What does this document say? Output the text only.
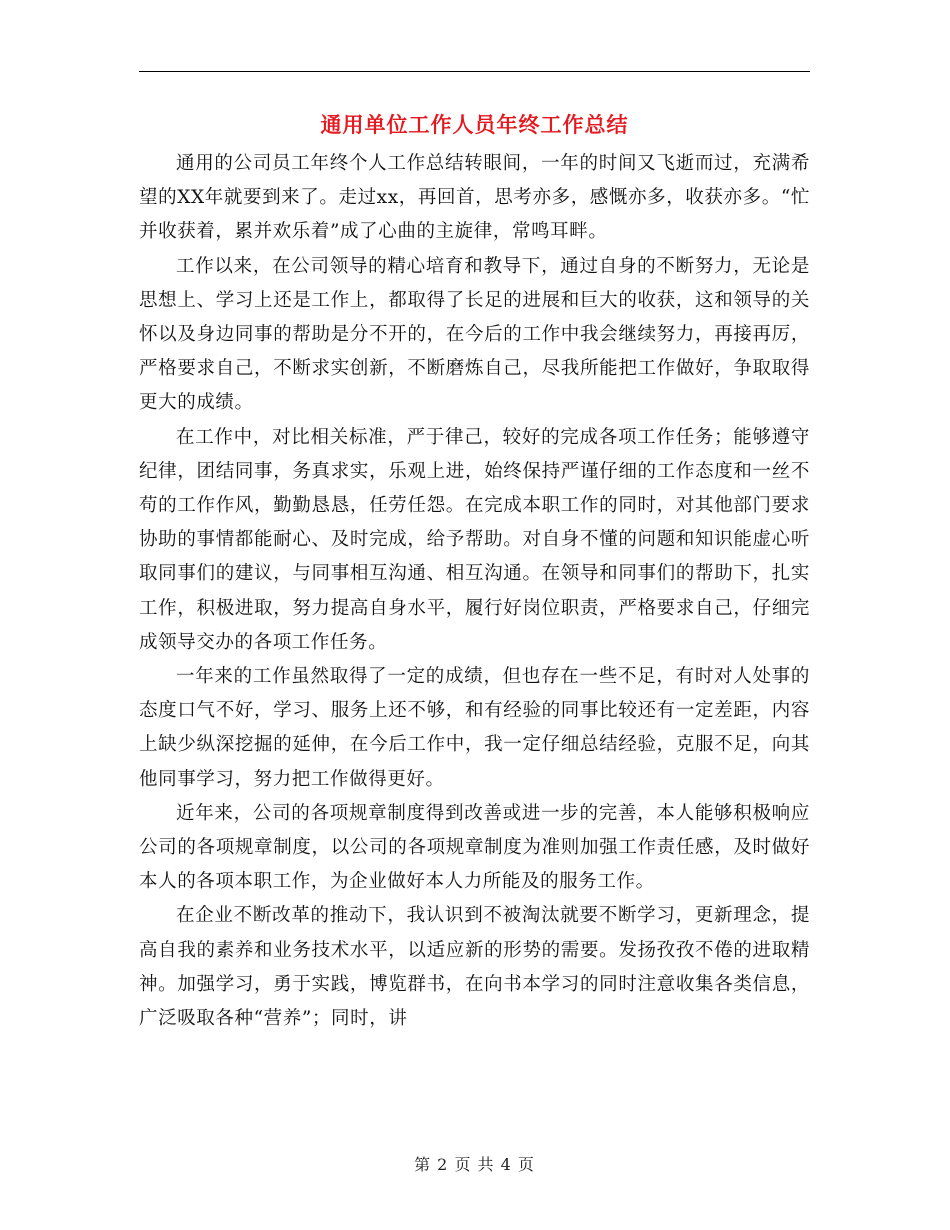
通用单位工作人员年终工作总结

通用的公司员工年终个人工作总结转眼间，一年的时间又飞逝而过，充满希望的XX年就要到来了。走过xx，再回首，思考亦多，感慨亦多，收获亦多。“忙并收获着，累并欢乐着”成了心曲的主旋律，常鸣耳畔。

工作以来，在公司领导的精心培育和教导下，通过自身的不断努力，无论是思想上、学习上还是工作上，都取得了长足的进展和巨大的收获，这和领导的关怀以及身边同事的帮助是分不开的，在今后的工作中我会继续努力，再接再厉，严格要求自己，不断求实创新，不断磨炼自己，尽我所能把工作做好，争取取得更大的成绩。

在工作中，对比相关标准，严于律己，较好的完成各项工作任务；能够遵守纪律，团结同事，务真求实，乐观上进，始终保持严谨仔细的工作态度和一丝不苟的工作作风，勤勤恳恳，任劳任怨。在完成本职工作的同时，对其他部门要求协助的事情都能耐心、及时完成，给予帮助。对自身不懂的问题和知识能虚心听取同事们的建议，与同事相互沟通、相互沟通。在领导和同事们的帮助下，扎实工作，积极进取，努力提高自身水平，履行好岗位职责，严格要求自己，仔细完成领导交办的各项工作任务。

一年来的工作虽然取得了一定的成绩，但也存在一些不足，有时对人处事的态度口气不好，学习、服务上还不够，和有经验的同事比较还有一定差距，内容上缺少纵深挖掘的延伸，在今后工作中，我一定仔细总结经验，克服不足，向其他同事学习，努力把工作做得更好。

近年来，公司的各项规章制度得到改善或进一步的完善，本人能够积极响应公司的各项规章制度，以公司的各项规章制度为准则加强工作责任感，及时做好本人的各项本职工作，为企业做好本人力所能及的服务工作。

在企业不断改革的推动下，我认识到不被淘汰就要不断学习，更新理念，提高自我的素养和业务技术水平，以适应新的形势的需要。发扬孜孜不倦的进取精神。加强学习，勇于实践，博览群书，在向书本学习的同时注意收集各类信息，广泛吸取各种“营养”；同时，讲

第 2 页 共 4 页
